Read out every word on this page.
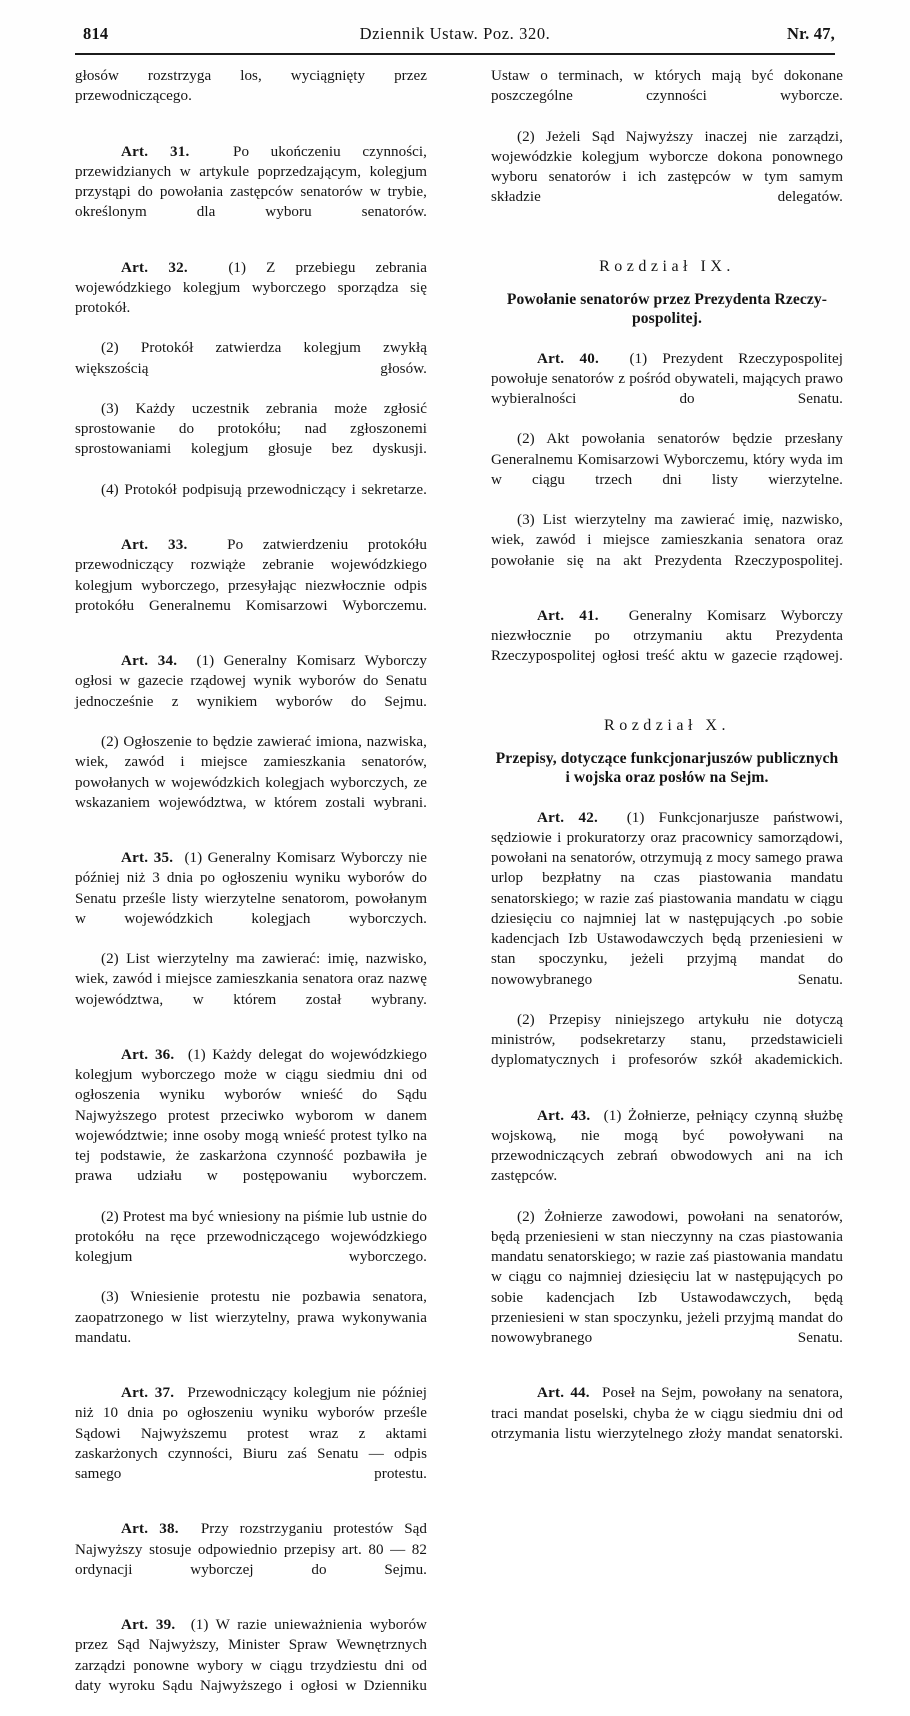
814	Dziennik Ustaw. Poz. 320.	Nr. 47,

głosów rozstrzyga los, wyciągnięty przez przewodniczącego.

Art. 31.	Po ukończeniu czynności, przewidzianych w artykule poprzedzającym, kolegjum przystąpi do powołania zastępców senatorów w trybie, określonym dla wyboru senatorów.

Art. 32.	(1) Z przebiegu zebrania wojewódzkiego kolegjum wyborczego sporządza się protokół.

(2) Protokół zatwierdza kolegjum zwykłą większością głosów.

(3) Każdy uczestnik zebrania może zgłosić sprostowanie do protokółu; nad zgłoszonemi sprostowaniami kolegjum głosuje bez dyskusji.

(4) Protokół podpisują przewodniczący i sekretarze.

Art. 33.	Po zatwierdzeniu protokółu przewodniczący rozwiąże zebranie wojewódzkiego kolegjum wyborczego, przesyłając niezwłocznie odpis protokółu Generalnemu Komisarzowi Wyborczemu.

Art. 34. (1) Generalny Komisarz Wyborczy ogłosi w gazecie rządowej wynik wyborów do Senatu jednocześnie z wynikiem wyborów do Sejmu.

(2) Ogłoszenie to będzie zawierać imiona, nazwiska, wiek, zawód i miejsce zamieszkania senatorów, powołanych w wojewódzkich kolegjach wyborczych, ze wskazaniem województwa, w którem zostali wybrani.

Art. 35. (1) Generalny Komisarz Wyborczy nie później niż 3 dnia po ogłoszeniu wyniku wyborów do Senatu prześle listy wierzytelne senatorom, powołanym w wojewódzkich kolegjach wyborczych.

(2) List wierzytelny ma zawierać: imię, nazwisko, wiek, zawód i miejsce zamieszkania senatora oraz nazwę województwa, w którem został wybrany.

Art. 36. (1) Każdy delegat do wojewódzkiego kolegjum wyborczego może w ciągu siedmiu dni od ogłoszenia wyniku wyborów wnieść do Sądu Najwyższego protest przeciwko wyborom w danem województwie; inne osoby mogą wnieść protest tylko na tej podstawie, że zaskarżona czynność pozbawiła je prawa udziału w postępowaniu wyborczem.

(2) Protest ma być wniesiony na piśmie lub ustnie do protokółu na ręce przewodniczącego wojewódzkiego kolegjum wyborczego.

(3) Wniesienie protestu nie pozbawia senatora, zaopatrzonego w list wierzytelny, prawa wykonywania mandatu.

Art. 37. Przewodniczący kolegjum nie później niż 10 dnia po ogłoszeniu wyniku wyborów prześle Sądowi Najwyższemu protest wraz z aktami zaskarżonych czynności, Biuru zaś Senatu — odpis samego protestu.

Art. 38. Przy rozstrzyganiu protestów Sąd Najwyższy stosuje odpowiednio przepisy art. 80 — 82 ordynacji wyborczej do Sejmu.

Art. 39. (1) W razie unieważnienia wyborów przez Sąd Najwyższy, Minister Spraw Wewnętrznych zarządzi ponowne wybory w ciągu trzydziestu dni od daty wyroku Sądu Najwyższego i ogłosi w Dzienniku

Ustaw o terminach, w których mają być dokonane poszczególne czynności wyborcze.

(2) Jeżeli Sąd Najwyższy inaczej nie zarządzi, wojewódzkie kolegjum wyborcze dokona ponownego wyboru senatorów i ich zastępców w tym samym składzie delegatów.

Rozdział IX.

Powołanie senatorów przez Prezydenta Rzeczy-
pospolitej.

Art. 40. (1) Prezydent Rzeczypospolitej powołuje senatorów z pośród obywateli, mających prawo wybieralności do Senatu.

(2) Akt powołania senatorów będzie przesłany Generalnemu Komisarzowi Wyborczemu, który wyda im w ciągu trzech dni listy wierzytelne.

(3) List wierzytelny ma zawierać imię, nazwisko, wiek, zawód i miejsce zamieszkania senatora oraz powołanie się na akt Prezydenta Rzeczypospolitej.

Art. 41. Generalny Komisarz Wyborczy niezwłocznie po otrzymaniu aktu Prezydenta Rzeczypospolitej ogłosi treść aktu w gazecie rządowej.

Rozdział X.

Przepisy, dotyczące funkcjonarjuszów publicznych
i wojska oraz posłów na Sejm.

Art. 42. (1) Funkcjonarjusze państwowi, sędziowie i prokuratorzy oraz pracownicy samorządowi, powołani na senatorów, otrzymują z mocy samego prawa urlop bezpłatny na czas piastowania mandatu senatorskiego; w razie zaś piastowania mandatu w ciągu dziesięciu co najmniej lat w następujących .po sobie kadencjach Izb Ustawodawczych będą przeniesieni w stan spoczynku, jeżeli przyjmą mandat do nowowybranego Senatu.

(2) Przepisy niniejszego artykułu nie dotyczą ministrów, podsekretarzy stanu, przedstawicieli dyplomatycznych i profesorów szkół akademickich.

Art. 43. (1) Żołnierze, pełniący czynną służbę wojskową, nie mogą być powoływani na przewodniczących zebrań obwodowych ani na ich zastępców.

(2) Żołnierze zawodowi, powołani na senatorów, będą przeniesieni w stan nieczynny na czas piastowania mandatu senatorskiego; w razie zaś piastowania mandatu w ciągu co najmniej dziesięciu lat w następujących po sobie kadencjach Izb Ustawodawczych, będą przeniesieni w stan spoczynku, jeżeli przyjmą mandat do nowowybranego Senatu.

Art. 44. Poseł na Sejm, powołany na senatora, traci mandat poselski, chyba że w ciągu siedmiu dni od otrzymania listu wierzytelnego złoży mandat senatorski.
